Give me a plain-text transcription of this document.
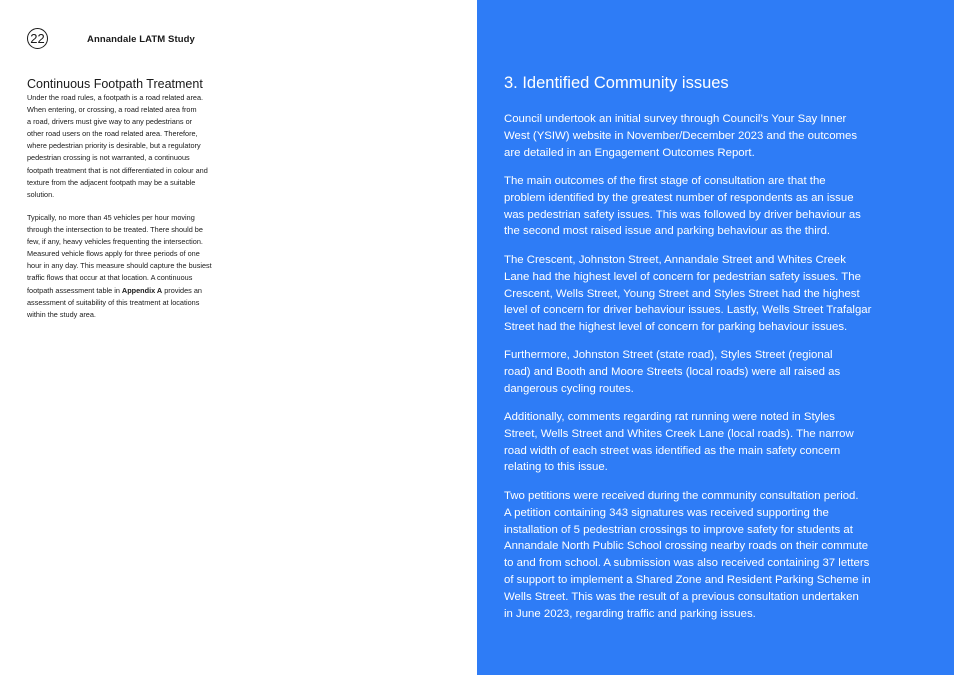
22	Annandale LATM Study
Continuous Footpath Treatment
Under the road rules, a footpath is a road related area.
When entering, or crossing, a road related area from
a road, drivers must give way to any pedestrians or
other road users on the road related area. Therefore,
where pedestrian priority is desirable, but a regulatory
pedestrian crossing is not warranted, a continuous
footpath treatment that is not differentiated in colour and
texture from the adjacent footpath may be a suitable
solution.
Typically, no more than 45 vehicles per hour moving
through the intersection to be treated. There should be
few, if any, heavy vehicles frequenting the intersection.
Measured vehicle flows apply for three periods of one
hour in any day. This measure should capture the busiest
traffic flows that occur at that location. A continuous
footpath assessment table in Appendix A provides an
assessment of suitability of this treatment at locations
within the study area.
3. Identified Community issues
Council undertook an initial survey through Council’s Your Say Inner
West (YSIW) website in November/December 2023 and the outcomes
are detailed in an Engagement Outcomes Report.
The main outcomes of the first stage of consultation are that the
problem identified by the greatest number of respondents as an issue
was pedestrian safety issues. This was followed by driver behaviour as
the second most raised issue and parking behaviour as the third.
The Crescent, Johnston Street, Annandale Street and Whites Creek
Lane had the highest level of concern for pedestrian safety issues. The
Crescent, Wells Street, Young Street and Styles Street had the highest
level of concern for driver behaviour issues. Lastly, Wells Street Trafalgar
Street had the highest level of concern for parking behaviour issues.
Furthermore, Johnston Street (state road), Styles Street (regional
road) and Booth and Moore Streets (local roads) were all raised as
dangerous cycling routes.
Additionally, comments regarding rat running were noted in Styles
Street, Wells Street and Whites Creek Lane (local roads). The narrow
road width of each street was identified as the main safety concern
relating to this issue.
Two petitions were received during the community consultation period.
A petition containing 343 signatures was received supporting the
installation of 5 pedestrian crossings to improve safety for students at
Annandale North Public School crossing nearby roads on their commute
to and from school. A submission was also received containing 37 letters
of support to implement a Shared Zone and Resident Parking Scheme in
Wells Street. This was the result of a previous consultation undertaken
in June 2023, regarding traffic and parking issues.
